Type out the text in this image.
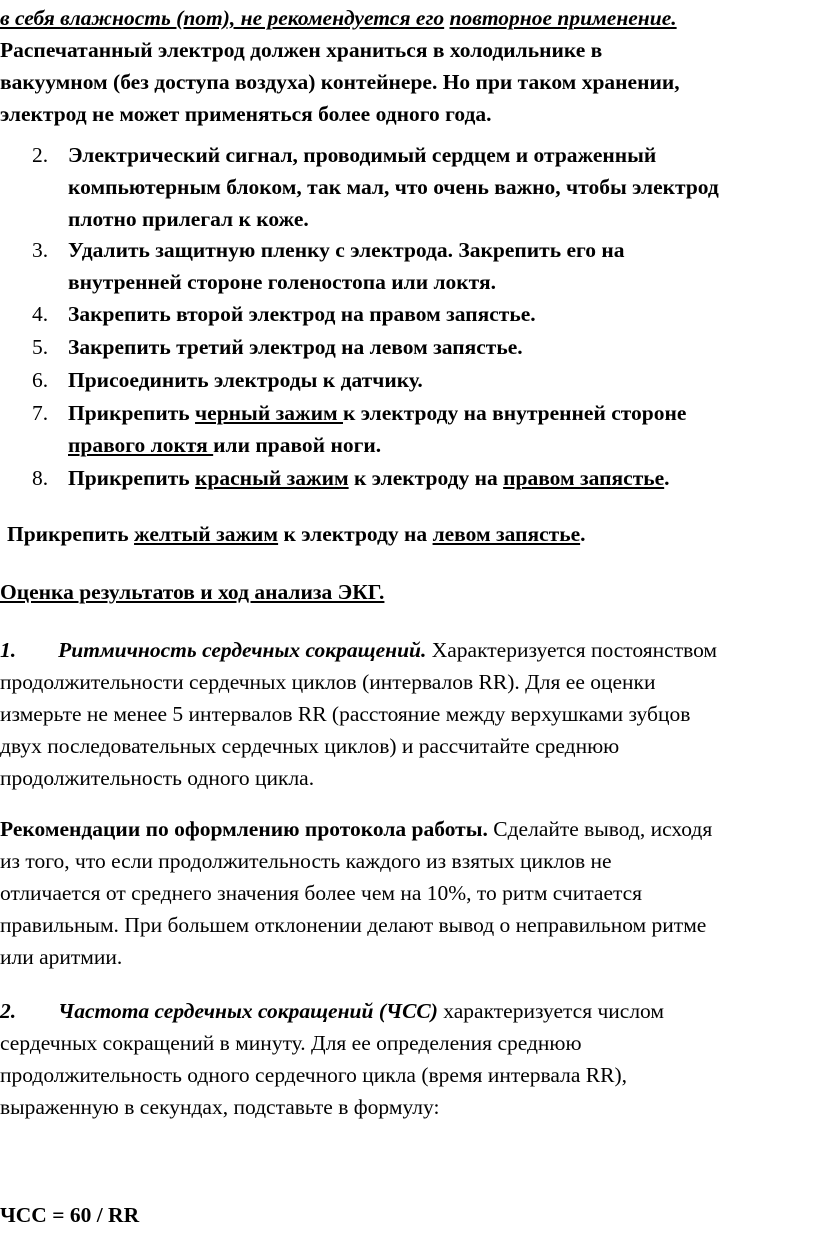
в себя влажность (пот), не рекомендуется его повторное применение.
Распечатанный электрод должен храниться в холодильнике в
вакуумном (без доступа воздуха) контейнере. Но при таком хранении,
электрод не может применяться более одного года.
2. Электрический сигнал, проводимый сердцем и отраженный
компьютерным блоком, так мал, что очень важно, чтобы электрод
плотно прилегал к коже.
3. Удалить защитную пленку с электрода. Закрепить его на
внутренней стороне голеностопа или локтя.
4. Закрепить второй электрод на правом запястье.
5. Закрепить третий электрод на левом запястье.
6. Присоединить электроды к датчику.
7. Прикрепить черный зажим к электроду на внутренней стороне
правого локтя или правой ноги.
8. Прикрепить красный зажим к электроду на правом запястье.
Прикрепить желтый зажим к электроду на левом запястье.
Оценка результатов и ход анализа ЭКГ.
1. Ритмичность сердечных сокращений. Характеризуется постоянством
продолжительности сердечных циклов (интервалов RR). Для ее оценки
измерьте не менее 5 интервалов RR (расстояние между верхушками зубцов
двух последовательных сердечных циклов) и рассчитайте среднюю
продолжительность одного цикла.
Рекомендации по оформлению протокола работы. Сделайте вывод, исходя
из того, что если продолжительность каждого из взятых циклов не
отличается от среднего значения более чем на 10%, то ритм считается
правильным. При большем отклонении делают вывод о неправильном ритме
или аритмии.
2. Частота сердечных сокращений (ЧСС) характеризуется числом
сердечных сокращений в минуту. Для ее определения среднюю
продолжительность одного сердечного цикла (время интервала RR),
выраженную в секундах, подставьте в формулу:
ЧСС = 60 / RR
